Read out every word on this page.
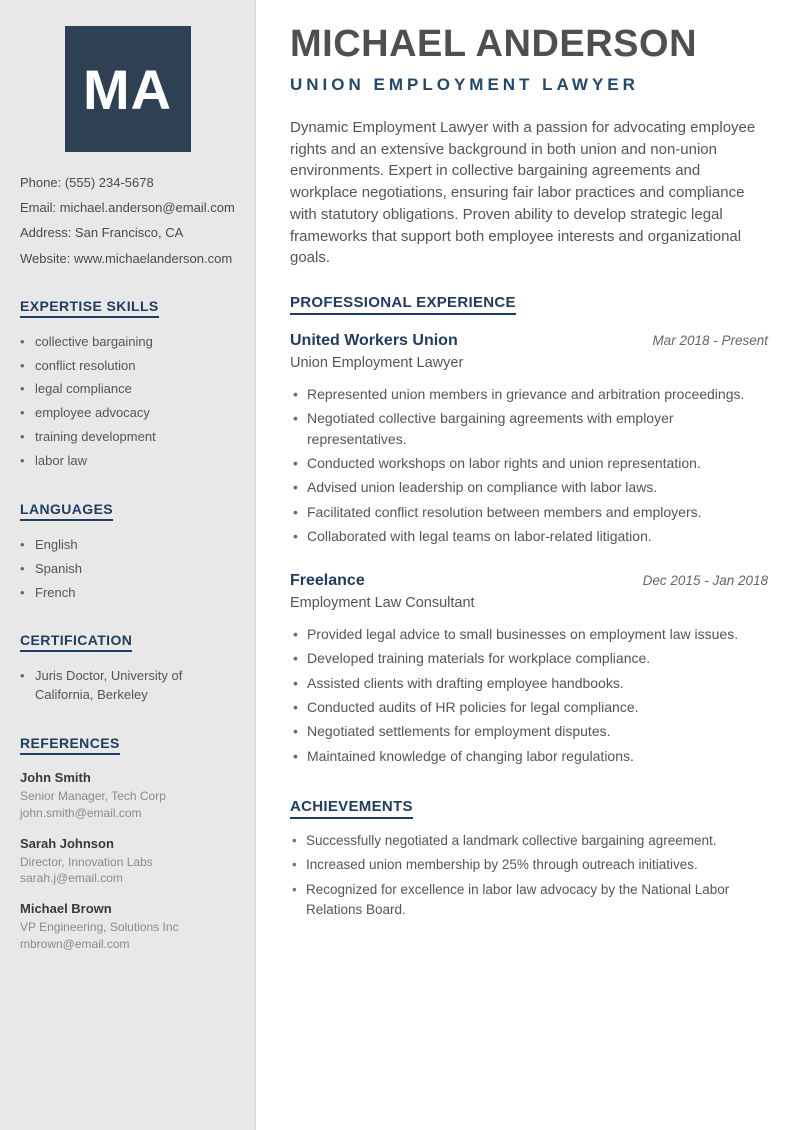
MA
Phone: (555) 234-5678
Email: michael.anderson@email.com
Address: San Francisco, CA
Website: www.michaelanderson.com
EXPERTISE SKILLS
• collective bargaining
• conflict resolution
• legal compliance
• employee advocacy
• training development
• labor law
LANGUAGES
• English
• Spanish
• French
CERTIFICATION
• Juris Doctor, University of California, Berkeley
REFERENCES
John Smith
Senior Manager, Tech Corp
john.smith@email.com
Sarah Johnson
Director, Innovation Labs
sarah.j@email.com
Michael Brown
VP Engineering, Solutions Inc
mbrown@email.com
MICHAEL ANDERSON
UNION EMPLOYMENT LAWYER

Dynamic Employment Lawyer with a passion for advocating employee rights and an extensive background in both union and non-union environments. Expert in collective bargaining agreements and workplace negotiations, ensuring fair labor practices and compliance with statutory obligations. Proven ability to develop strategic legal frameworks that support both employee interests and organizational goals.

PROFESSIONAL EXPERIENCE
United Workers Union	Mar 2018 - Present
Union Employment Lawyer
• Represented union members in grievance and arbitration proceedings.
• Negotiated collective bargaining agreements with employer representatives.
• Conducted workshops on labor rights and union representation.
• Advised union leadership on compliance with labor laws.
• Facilitated conflict resolution between members and employers.
• Collaborated with legal teams on labor-related litigation.
Freelance	Dec 2015 - Jan 2018
Employment Law Consultant
• Provided legal advice to small businesses on employment law issues.
• Developed training materials for workplace compliance.
• Assisted clients with drafting employee handbooks.
• Conducted audits of HR policies for legal compliance.
• Negotiated settlements for employment disputes.
• Maintained knowledge of changing labor regulations.
ACHIEVEMENTS
• Successfully negotiated a landmark collective bargaining agreement.
• Increased union membership by 25% through outreach initiatives.
• Recognized for excellence in labor law advocacy by the National Labor Relations Board.
